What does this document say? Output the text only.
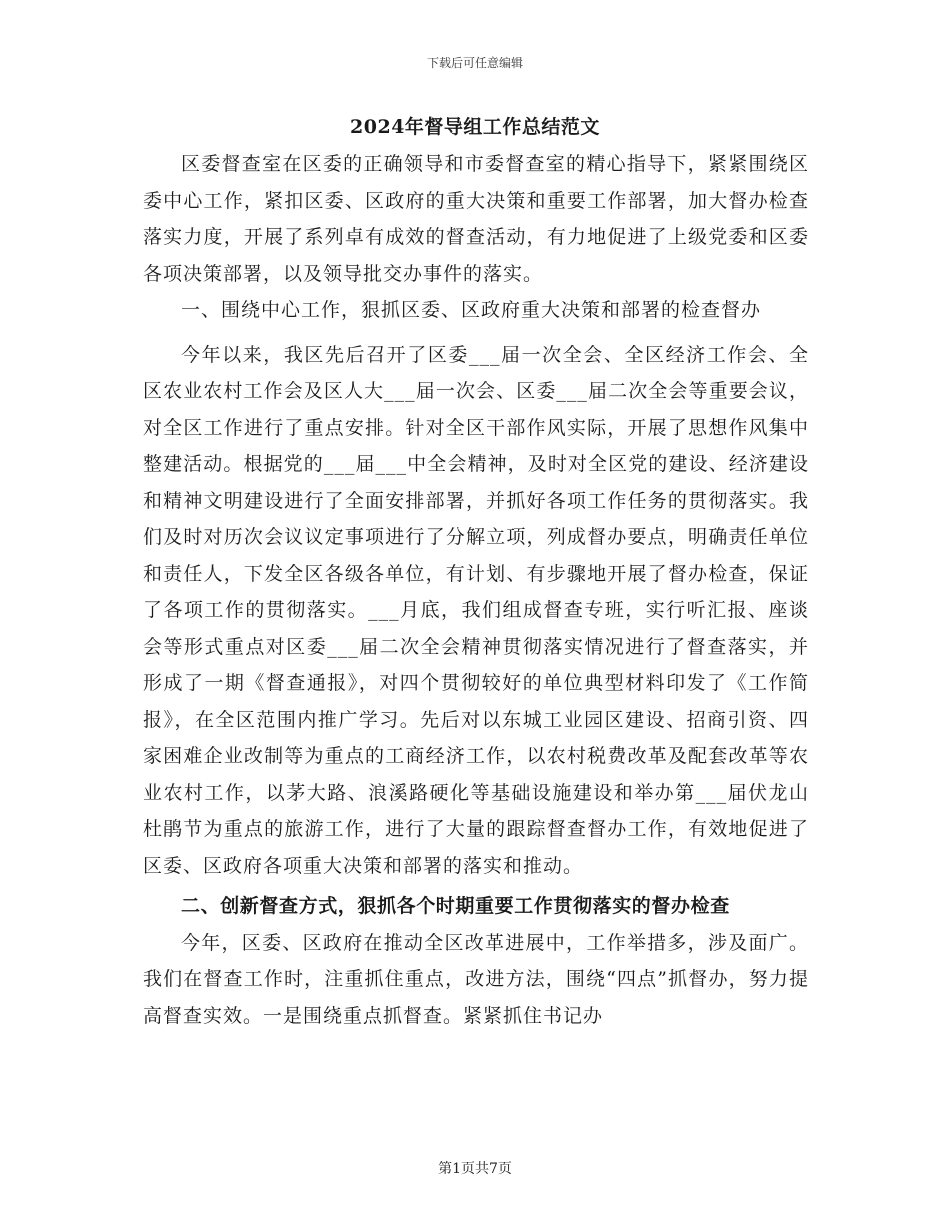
下载后可任意编辑
2024年督导组工作总结范文

区委督查室在区委的正确领导和市委督查室的精心指导下，紧紧围绕区委中心工作，紧扣区委、区政府的重大决策和重要工作部署，加大督办检查落实力度，开展了系列卓有成效的督查活动，有力地促进了上级党委和区委各项决策部署，以及领导批交办事件的落实。

一、围绕中心工作，狠抓区委、区政府重大决策和部署的检查督办

今年以来，我区先后召开了区委___届一次全会、全区经济工作会、全区农业农村工作会及区人大___届一次会、区委___届二次全会等重要会议，对全区工作进行了重点安排。针对全区干部作风实际，开展了思想作风集中整建活动。根据党的___届___中全会精神，及时对全区党的建设、经济建设和精神文明建设进行了全面安排部署，并抓好各项工作任务的贯彻落实。我们及时对历次会议议定事项进行了分解立项，列成督办要点，明确责任单位和责任人，下发全区各级各单位，有计划、有步骤地开展了督办检查，保证了各项工作的贯彻落实。___月底，我们组成督查专班，实行听汇报、座谈会等形式重点对区委___届二次全会精神贯彻落实情况进行了督查落实，并形成了一期《督查通报》，对四个贯彻较好的单位典型材料印发了《工作简报》，在全区范围内推广学习。先后对以东城工业园区建设、招商引资、四家困难企业改制等为重点的工商经济工作，以农村税费改革及配套改革等农业农村工作，以茅大路、浪溪路硬化等基础设施建设和举办第___届伏龙山杜鹃节为重点的旅游工作，进行了大量的跟踪督查督办工作，有效地促进了区委、区政府各项重大决策和部署的落实和推动。

二、创新督查方式，狠抓各个时期重要工作贯彻落实的督办检查

今年，区委、区政府在推动全区改革进展中，工作举措多，涉及面广。我们在督查工作时，注重抓住重点，改进方法，围绕“四点”抓督办，努力提高督查实效。一是围绕重点抓督查。紧紧抓住书记办

第1页共7页
